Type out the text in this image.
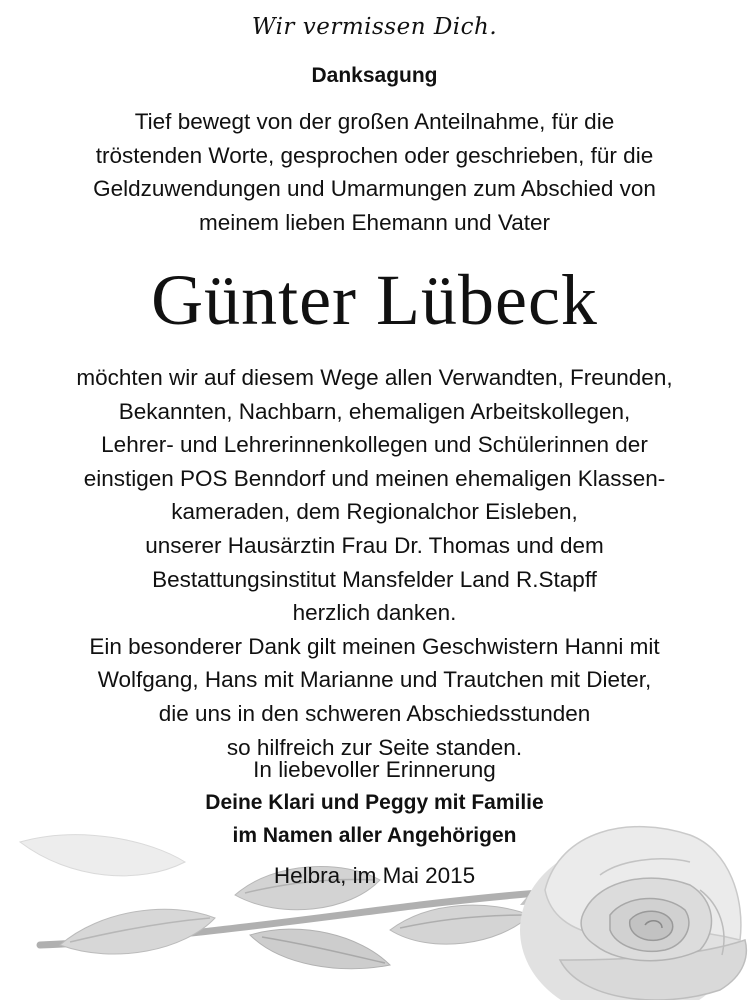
Wir vermissen Dich.
Danksagung
Tief bewegt von der großen Anteilnahme, für die
tröstenden Worte, gesprochen oder geschrieben, für die
Geldzuwendungen und Umarmungen zum Abschied von
meinem lieben Ehemann und Vater
Günter Lübeck
möchten wir auf diesem Wege allen Verwandten, Freunden,
Bekannten, Nachbarn, ehemaligen Arbeitskollegen,
Lehrer- und Lehrerinnenkollegen und Schülerinnen der
einstigen POS Benndorf und meinen ehemaligen Klassen-
kameraden, dem Regionalchor Eisleben,
unserer Hausärztin Frau Dr. Thomas und dem
Bestattungsinstitut Mansfelder Land R.Stapff
herzlich danken.
Ein besonderer Dank gilt meinen Geschwistern Hanni mit
Wolfgang, Hans mit Marianne und Trautchen mit Dieter,
die uns in den schweren Abschiedsstunden
so hilfreich zur Seite standen.
In liebevoller Erinnerung
Deine Klari und Peggy mit Familie
im Namen aller Angehörigen
Helbra, im Mai 2015
